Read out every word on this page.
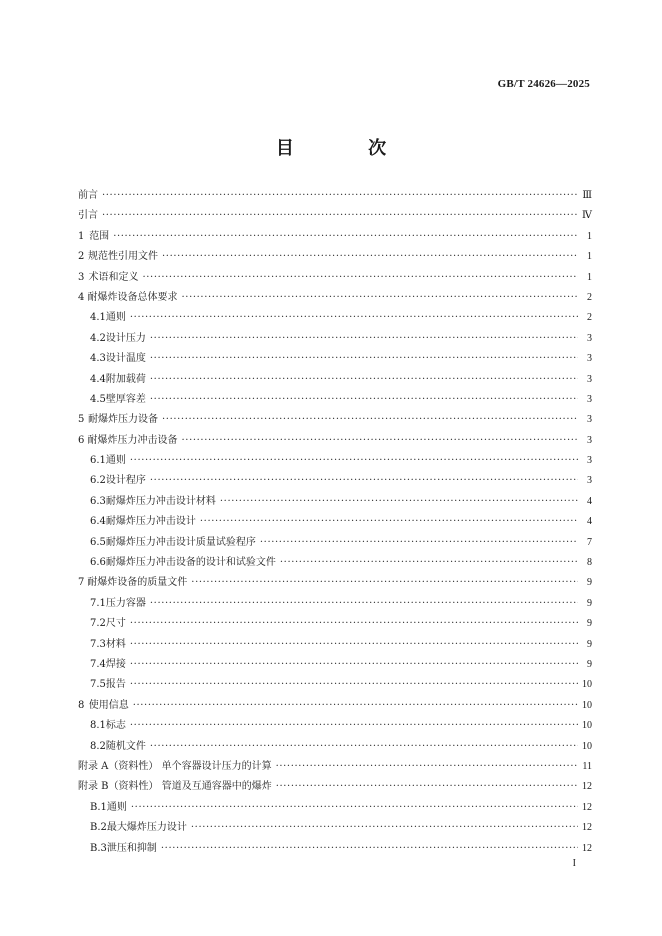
GB/T 24626—2025
目 次
前言 ·····	Ⅲ
引言 ·····	Ⅳ
1 范围 ·····	1
2 规范性引用文件 ·····	1
3 术语和定义 ·····	1
4 耐爆炸设备总体要求 ·····	2
4.1 通则 ·····	2
4.2 设计压力 ·····	3
4.3 设计温度 ·····	3
4.4 附加载荷 ·····	3
4.5 壁厚容差 ·····	3
5 耐爆炸压力设备 ·····	3
6 耐爆炸压力冲击设备 ·····	3
6.1 通则 ·····	3
6.2 设计程序 ·····	3
6.3 耐爆炸压力冲击设计材料 ·····	4
6.4 耐爆炸压力冲击设计 ·····	4
6.5 耐爆炸压力冲击设计质量试验程序 ·····	7
6.6 耐爆炸压力冲击设备的设计和试验文件 ·····	8
7 耐爆炸设备的质量文件 ·····	9
7.1 压力容器 ·····	9
7.2 尺寸 ·····	9
7.3 材料 ·····	9
7.4 焊接 ·····	9
7.5 报告 ·····	10
8 使用信息 ·····	10
8.1 标志 ·····	10
8.2 随机文件 ·····	10
附录 A（资料性） 单个容器设计压力的计算 ·····	11
附录 B（资料性） 管道及互通容器中的爆炸 ·····	12
B.1 通则 ·····	12
B.2 最大爆炸压力设计 ·····	12
B.3 泄压和抑制 ·····	12
I
